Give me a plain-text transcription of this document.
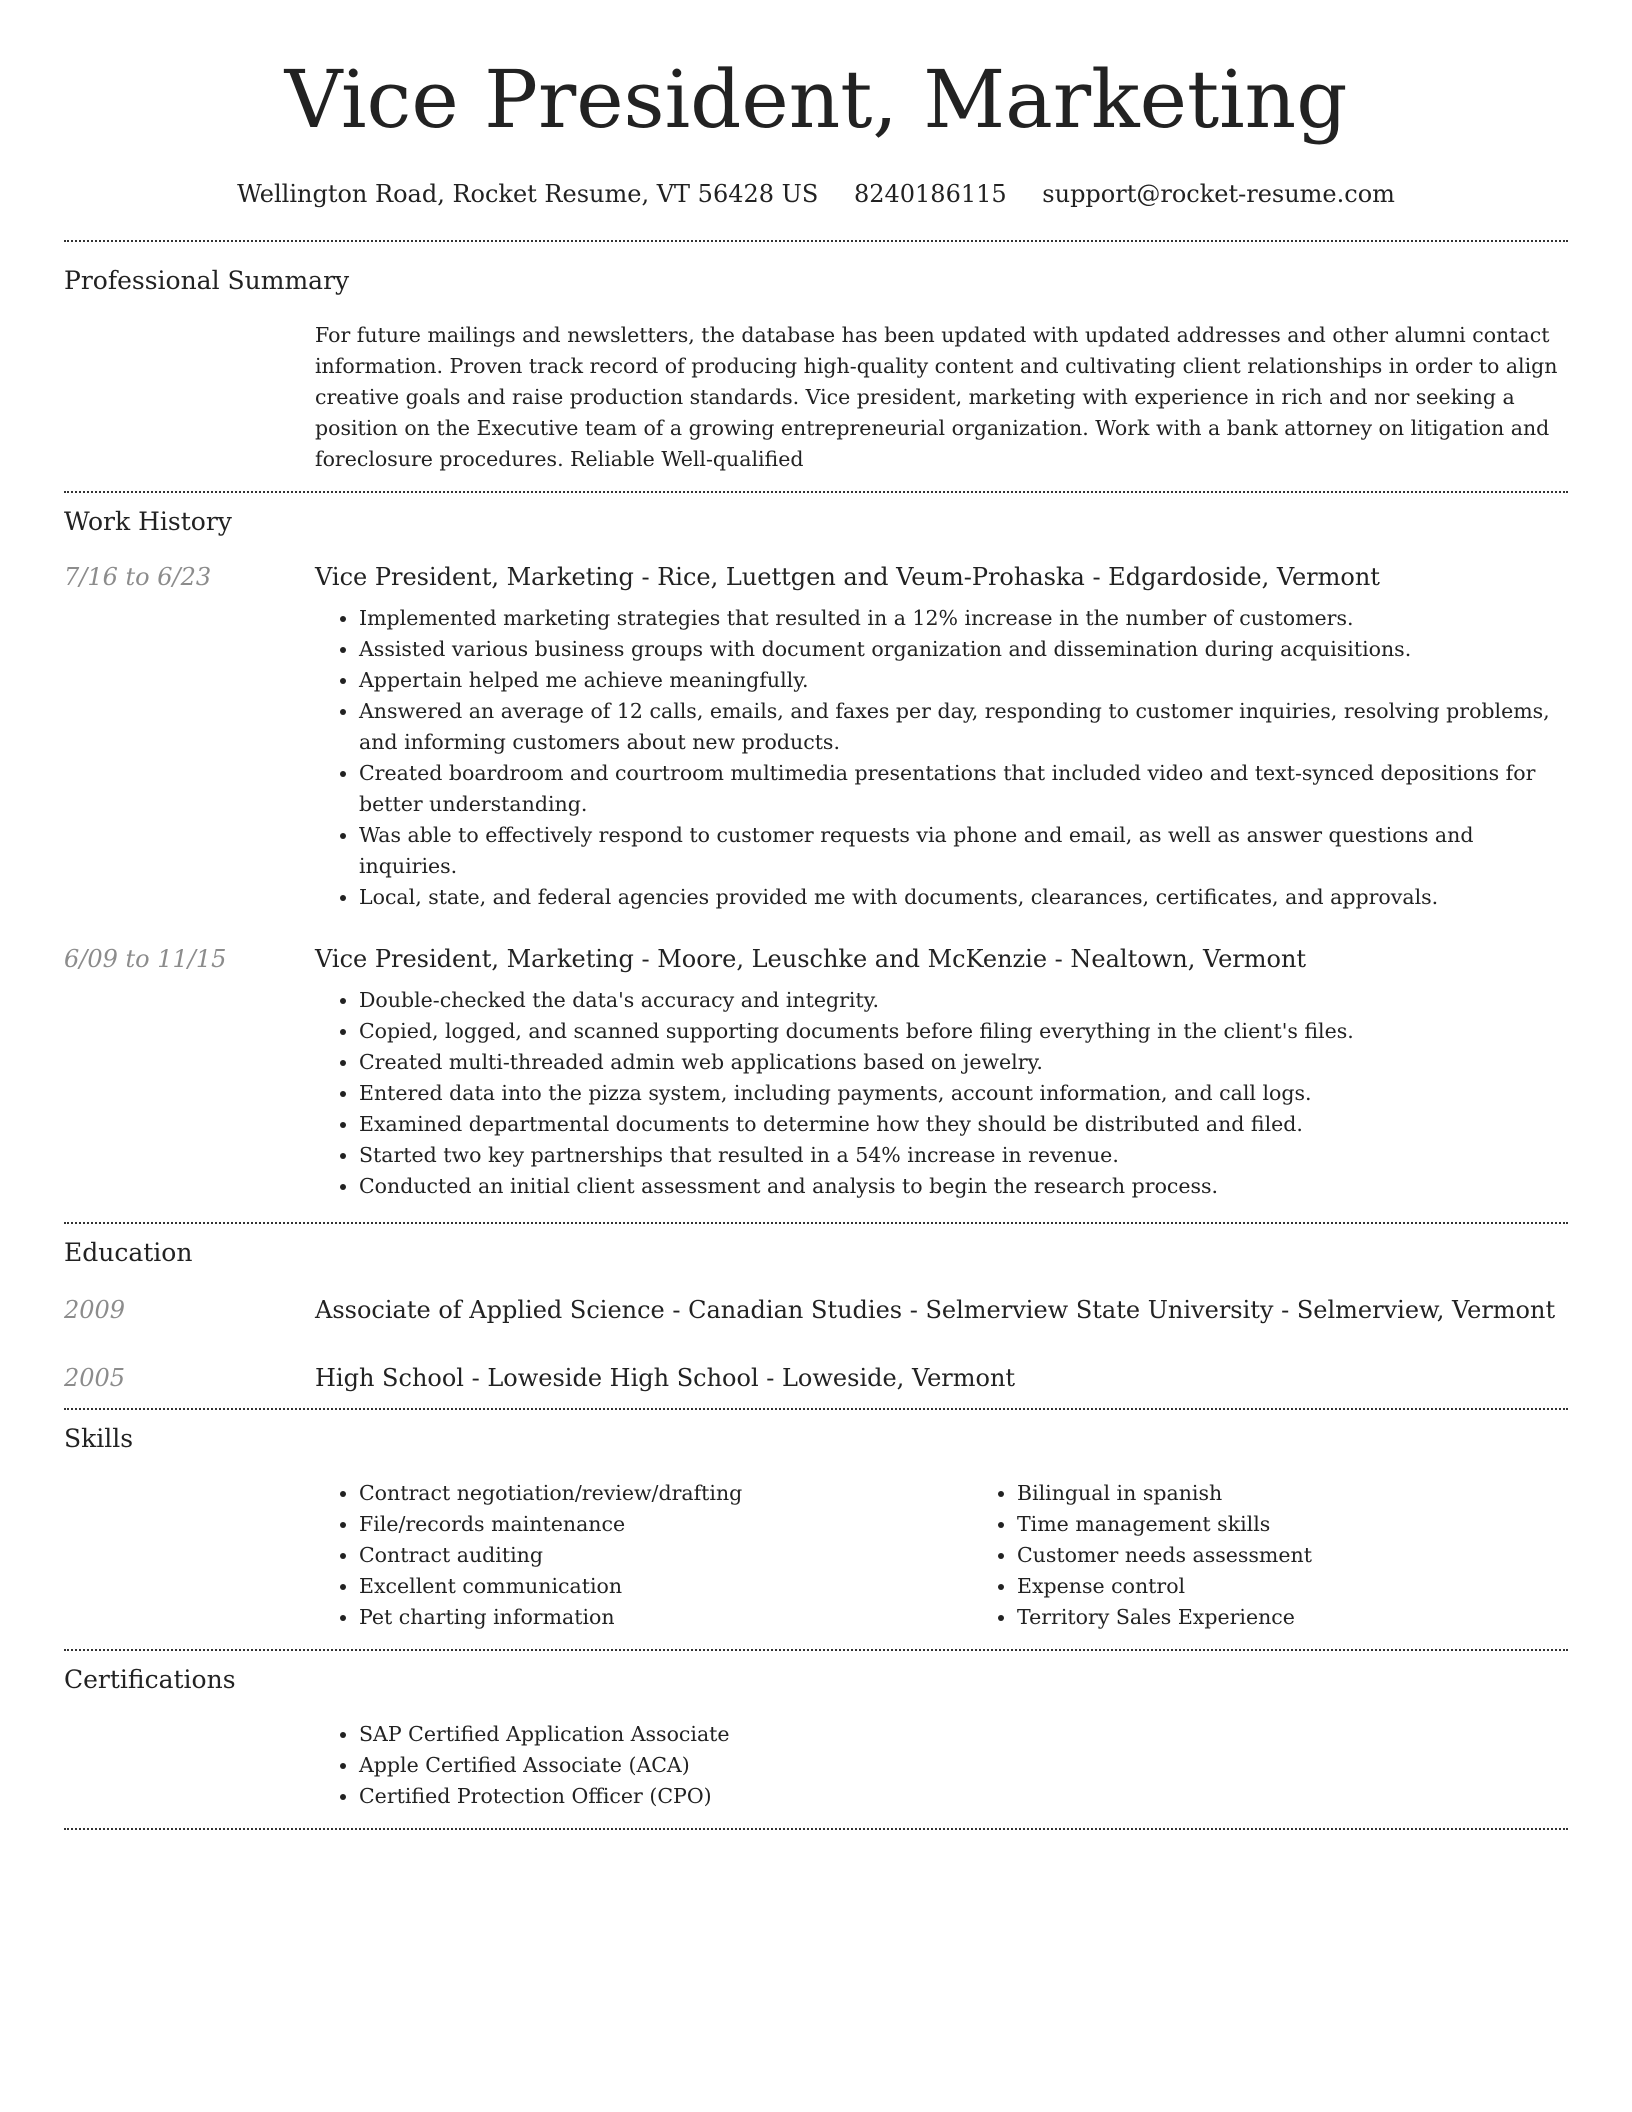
Vice President, Marketing
Wellington Road, Rocket Resume, VT 56428 US 8240186115 support@rocket-resume.com
Professional Summary

For future mailings and newsletters, the database has been updated with updated addresses and other alumni contact information. Proven track record of producing high-quality content and cultivating client relationships in order to align creative goals and raise production standards. Vice president, marketing with experience in rich and nor seeking a position on the Executive team of a growing entrepreneurial organization. Work with a bank attorney on litigation and foreclosure procedures. Reliable Well-qualified

Work History
7/16 to 6/23	Vice President, Marketing - Rice, Luettgen and Veum-Prohaska - Edgardoside, Vermont

• Implemented marketing strategies that resulted in a 12% increase in the number of customers.
• Assisted various business groups with document organization and dissemination during acquisitions.
• Appertain helped me achieve meaningfully.
• Answered an average of 12 calls, emails, and faxes per day, responding to customer inquiries, resolving problems, and informing customers about new products.
• Created boardroom and courtroom multimedia presentations that included video and text-synced depositions for better understanding.
• Was able to effectively respond to customer requests via phone and email, as well as answer questions and inquiries.
• Local, state, and federal agencies provided me with documents, clearances, certificates, and approvals.
6/09 to 11/15	Vice President, Marketing - Moore, Leuschke and McKenzie - Nealtown, Vermont

• Double-checked the data's accuracy and integrity.
• Copied, logged, and scanned supporting documents before filing everything in the client's files.
• Created multi-threaded admin web applications based on jewelry.
• Entered data into the pizza system, including payments, account information, and call logs.
• Examined departmental documents to determine how they should be distributed and filed.
• Started two key partnerships that resulted in a 54% increase in revenue.
• Conducted an initial client assessment and analysis to begin the research process.
Education
2009	Associate of Applied Science - Canadian Studies - Selmerview State University - Selmerview, Vermont

2005	High School - Loweside High School - Loweside, Vermont

Skills
• Contract negotiation/review/drafting
• File/records maintenance
• Contract auditing
• Excellent communication
• Pet charting information
• Bilingual in spanish
• Time management skills
• Customer needs assessment
• Expense control
• Territory Sales Experience
Certifications
• SAP Certified Application Associate
• Apple Certified Associate (ACA)
• Certified Protection Officer (CPO)
